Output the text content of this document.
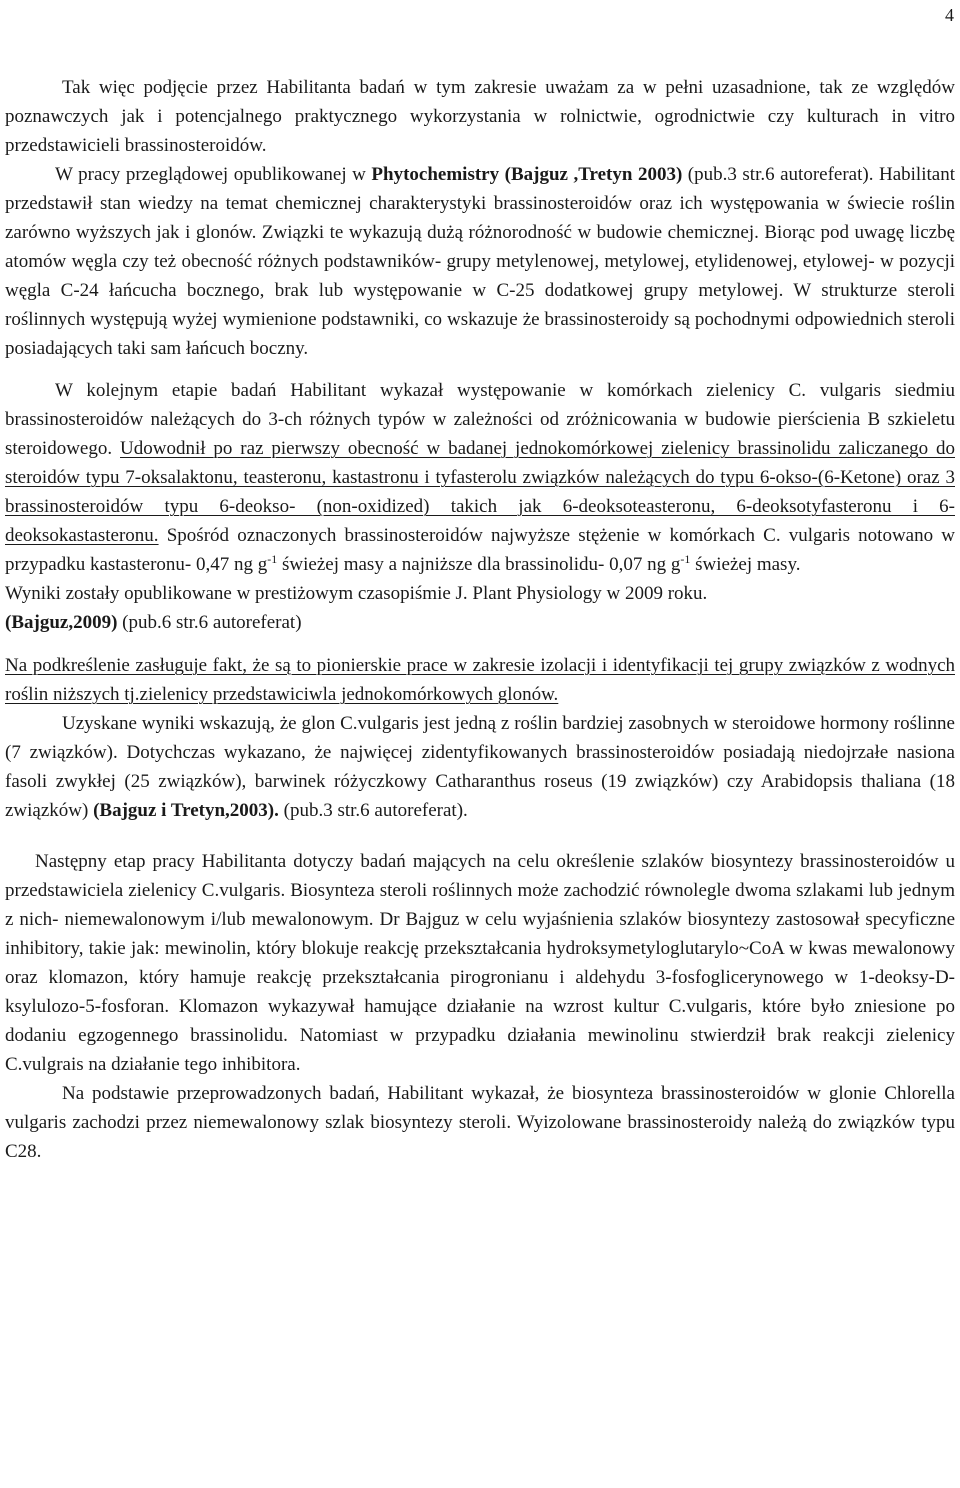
4

Tak więc podjęcie przez Habilitanta badań w tym zakresie uważam za w pełni uzasadnione, tak ze względów poznawczych jak i potencjalnego praktycznego wykorzystania w rolnictwie, ogrodnictwie czy kulturach in vitro przedstawicieli brassinosteroidów.

W pracy przeglądowej opublikowanej w Phytochemistry (Bajguz ,Tretyn 2003) (pub.3 str.6 autoreferat). Habilitant przedstawił stan wiedzy na temat chemicznej charakterystyki brassinosteroidów oraz ich występowania w świecie roślin zarówno wyższych jak i glonów. Związki te wykazują dużą różnorodność w budowie chemicznej. Biorąc pod uwagę liczbę atomów węgla czy też obecność różnych podstawników- grupy metylenowej, metylowej, etylidenowej, etylowej- w pozycji węgla C-24 łańcucha bocznego, brak lub występowanie w C-25 dodatkowej grupy metylowej. W strukturze steroli roślinnych występują wyżej wymienione podstawniki, co wskazuje że brassinosteroidy są pochodnymi odpowiednich steroli posiadających taki sam łańcuch boczny.

W kolejnym etapie badań Habilitant wykazał występowanie w komórkach zielenicy C. vulgaris siedmiu brassinosteroidów należących do 3-ch różnych typów w zależności od zróżnicowania w budowie pierścienia B szkieletu steroidowego. Udowodnił po raz pierwszy obecność w badanej jednokomórkowej zielenicy brassinolidu zaliczanego do steroidów typu 7-oksalaktonu, teasteronu, kastastronu i tyfasterolu związków należących do typu 6-okso-(6-Ketone) oraz 3 brassinosteroidów typu 6-deokso- (non-oxidized) takich jak 6-deoksoteasteronu, 6-deoksotyfasteronu i 6-deoksokastasteronu. Spośród oznaczonych brassinosteroidów najwyższe stężenie w komórkach C. vulgaris notowano w przypadku kastasteronu- 0,47 ng $g^{-1}$ świeżej masy a najniższe dla brassinolidu- 0,07 ng $g^{-1}$ świeżej masy.

Wyniki zostały opublikowane w prestiżowym czasopiśmie J. Plant Physiology w 2009 roku.

(Bajguz,2009) (pub.6 str.6 autoreferat)

Na podkreślenie zasługuje fakt, że są to pionierskie prace w zakresie izolacji i identyfikacji tej grupy związków z wodnych roślin niższych tj.zielenicy przedstawiciwla jednokomórkowych glonów.

Uzyskane wyniki wskazują, że glon C.vulgaris jest jedną z roślin bardziej zasobnych w steroidowe hormony roślinne (7 związków). Dotychczas wykazano, że najwięcej zidentyfikowanych brassinosteroidów posiadają niedojrzałe nasiona fasoli zwykłej (25 związków), barwinek różyczkowy Catharanthus roseus (19 związków) czy Arabidopsis thaliana (18 związków) (Bajguz i Tretyn,2003). (pub.3 str.6 autoreferat).

Następny etap pracy Habilitanta dotyczy badań mających na celu określenie szlaków biosyntezy brassinosteroidów u przedstawiciela zielenicy C.vulgaris. Biosynteza steroli roślinnych może zachodzić równolegle dwoma szlakami lub jednym z nich- niemewalonowym i/lub mewalonowym. Dr Bajguz w celu wyjaśnienia szlaków biosyntezy zastosował specyficzne inhibitory, takie jak: mewinolin, który blokuje reakcję przekształcania hydroksymetyloglutarylo~CoA w kwas mewalonowy oraz klomazon, który hamuje reakcję przekształcania pirogronianu i aldehydu 3-fosfoglicerynowego w 1-deoksy-D-ksylulozo-5-fosforan. Klomazon wykazywał hamujące działanie na wzrost kultur C.vulgaris, które było zniesione po dodaniu egzogennego brassinolidu. Natomiast w przypadku działania mewinolinu stwierdził brak reakcji zielenicy C.vulgrais na działanie tego inhibitora.

Na podstawie przeprowadzonych badań, Habilitant wykazał, że biosynteza brassinosteroidów w glonie Chlorella vulgaris zachodzi przez niemewalonowy szlak biosyntezy steroli. Wyizolowane brassinosteroidy należą do związków typu C28.
